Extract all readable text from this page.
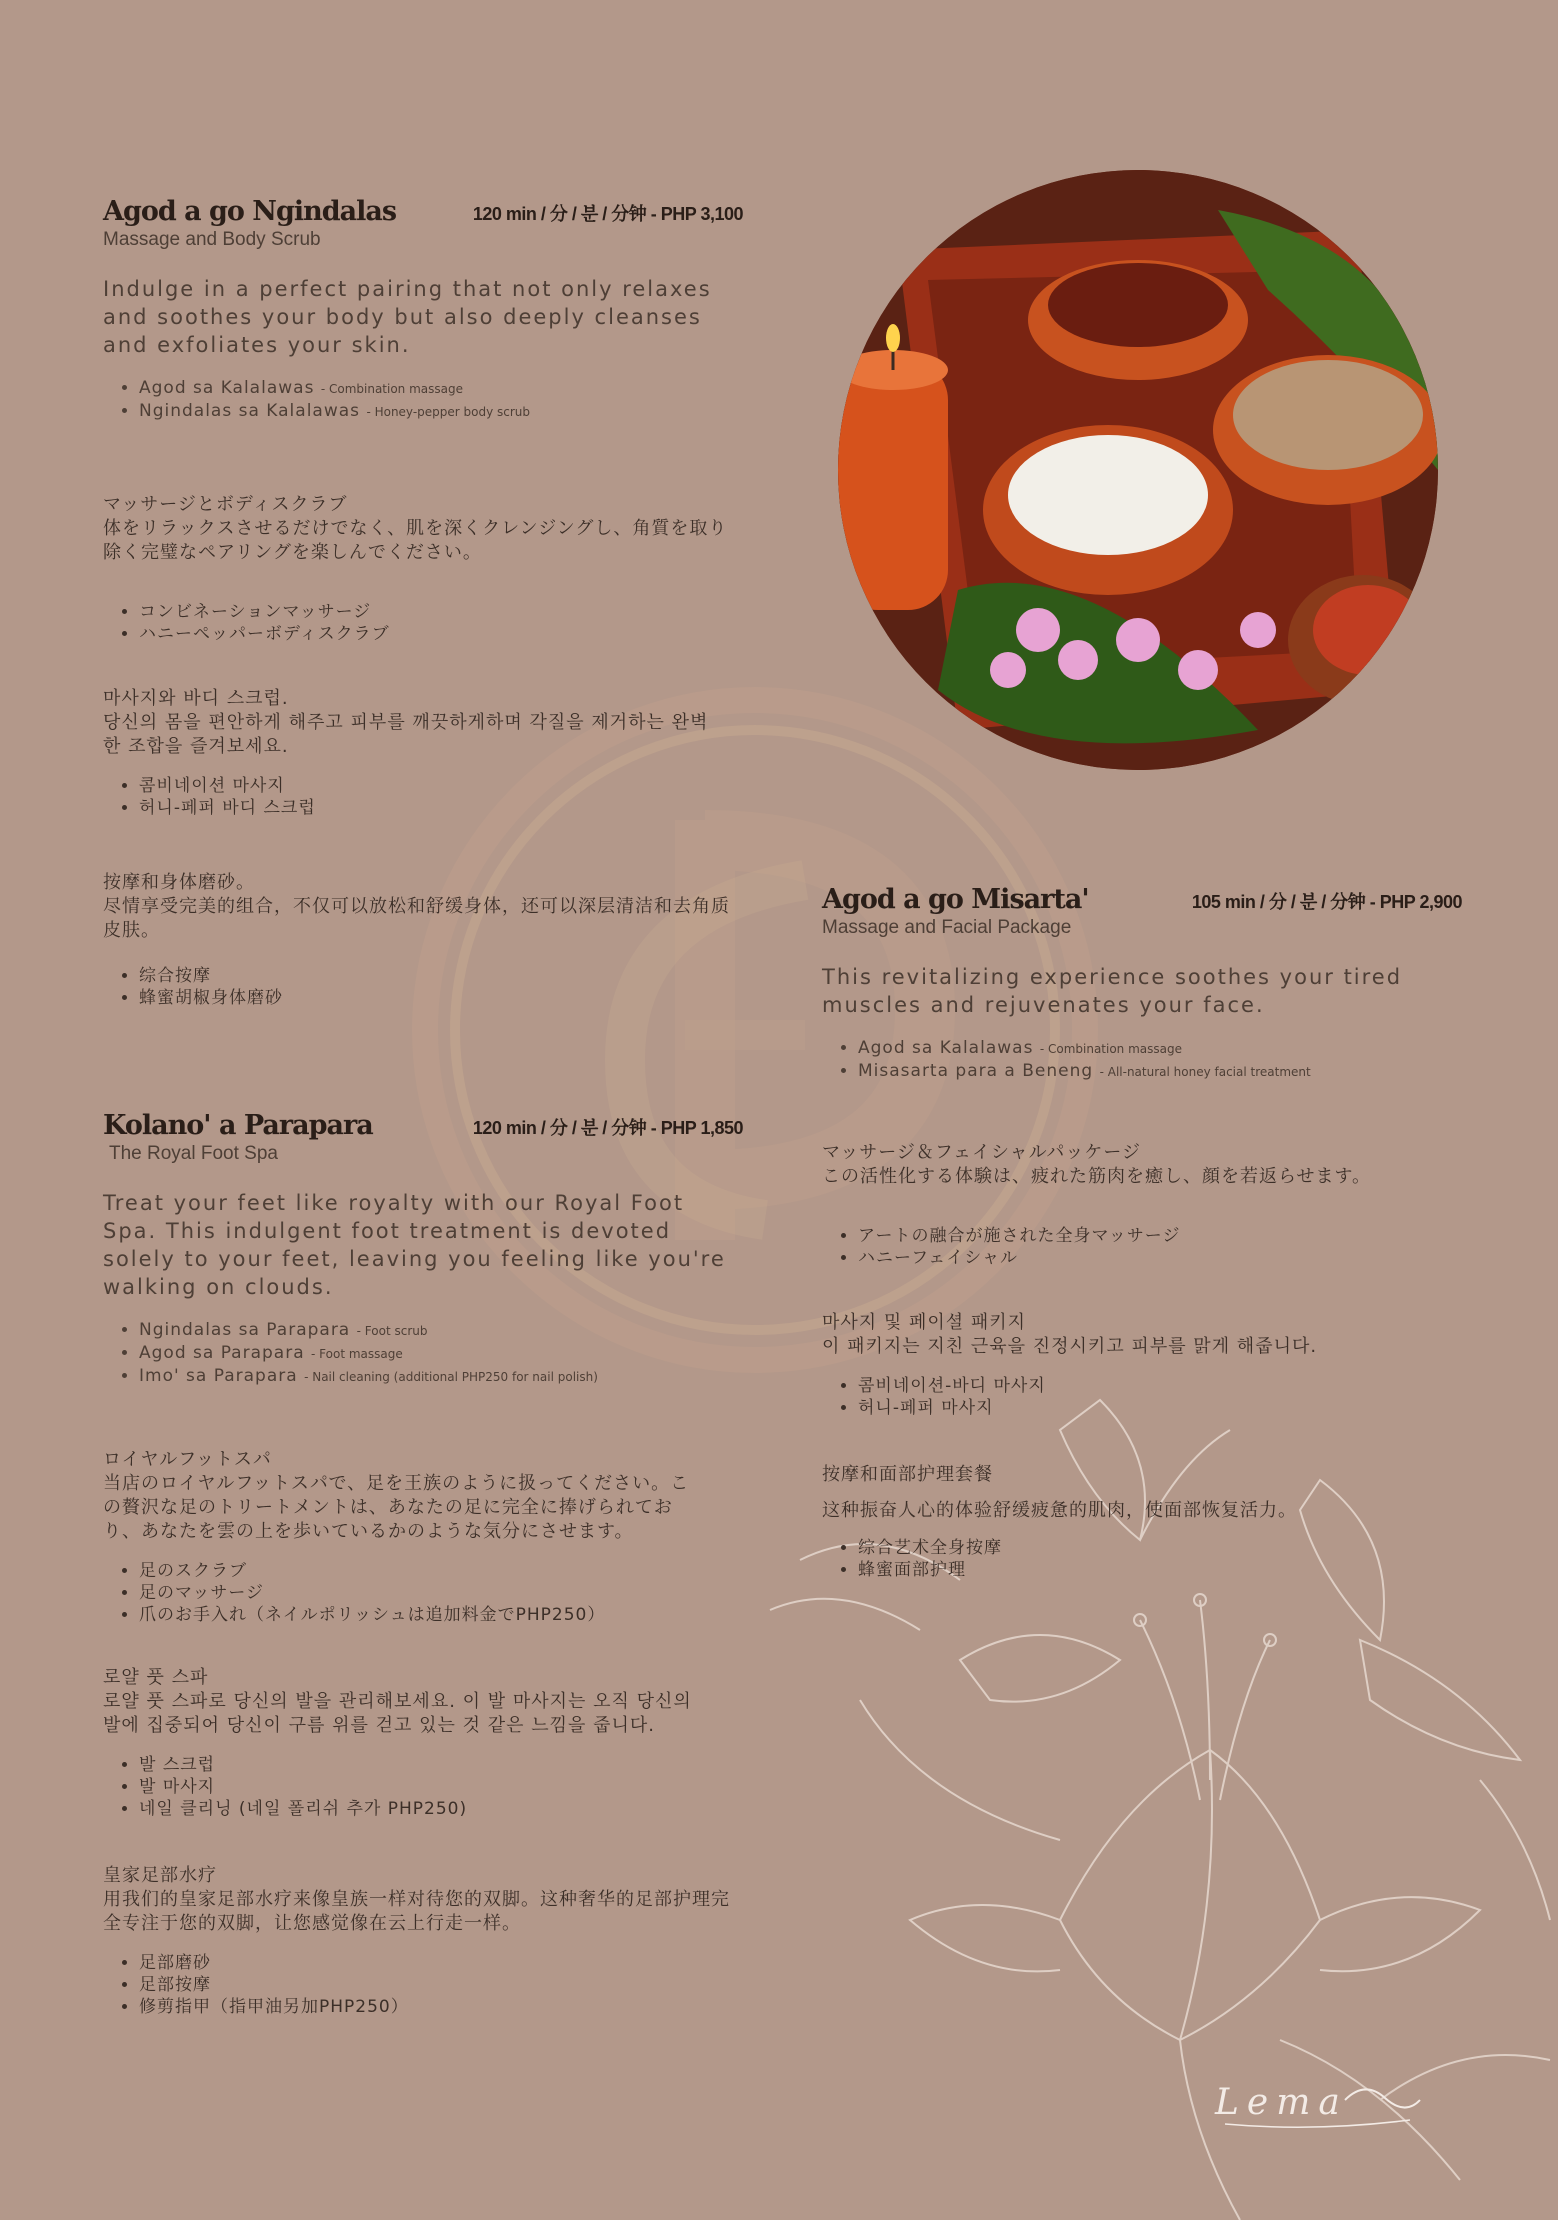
Agod a go Ngindalas	120 min / 分 / 분 / 分钟 - PHP 3,100
Massage and Body Scrub
Indulge in a perfect pairing that not only relaxes and soothes your body but also deeply cleanses and exfoliates your skin.
• Agod sa Kalalawas - Combination massage
• Ngindalas sa Kalalawas - Honey-pepper body scrub

マッサージとボディスクラブ

体をリラックスさせるだけでなく、肌を深くクレンジングし、角質を取り除く完璧なペアリングを楽しんでください。

• コンビネーションマッサージ
• ハニーペッパーボディスクラブ

마사지와 바디 스크럽.

당신의 몸을 편안하게 해주고 피부를 깨끗하게하며 각질을 제거하는 완벽한 조합을 즐겨보세요.

• 콤비네이션 마사지
• 허니-페퍼 바디 스크럽

按摩和身体磨砂。

尽情享受完美的组合，不仅可以放松和舒缓身体，还可以深层清洁和去角质皮肤。

• 综合按摩
• 蜂蜜胡椒身体磨砂
Kolano' a Parapara	120 min / 分 / 분 / 分钟 - PHP 1,850
The Royal Foot Spa
Treat your feet like royalty with our Royal Foot Spa. This indulgent foot treatment is devoted solely to your feet, leaving you feeling like you're walking on clouds.
• Ngindalas sa Parapara - Foot scrub
• Agod sa Parapara - Foot massage
• Imo' sa Parapara - Nail cleaning (additional PHP250 for nail polish)

ロイヤルフットスパ

当店のロイヤルフットスパで、足を王族のように扱ってください。この贅沢な足のトリートメントは、あなたの足に完全に捧げられており、あなたを雲の上を歩いているかのような気分にさせます。

• 足のスクラブ
• 足のマッサージ
• 爪のお手入れ（ネイルポリッシュは追加料金でPHP250）

로얄 풋 스파

로얄 풋 스파로 당신의 발을 관리해보세요. 이 발 마사지는 오직 당신의 발에 집중되어 당신이 구름 위를 걷고 있는 것 같은 느낌을 줍니다.

• 발 스크럽
• 발 마사지
• 네일 클리닝 (네일 폴리쉬 추가 PHP250)

皇家足部水疗

用我们的皇家足部水疗来像皇族一样对待您的双脚。这种奢华的足部护理完全专注于您的双脚，让您感觉像在云上行走一样。

• 足部磨砂
• 足部按摩
• 修剪指甲（指甲油另加PHP250）
Agod a go Misarta'	105 min / 分 / 분 / 分钟 - PHP 2,900
Massage and Facial Package
This revitalizing experience soothes your tired muscles and rejuvenates your face.
• Agod sa Kalalawas - Combination massage
• Misasarta para a Beneng - All-natural honey facial treatment

マッサージ＆フェイシャルパッケージ

この活性化する体験は、疲れた筋肉を癒し、顔を若返らせます。

• アートの融合が施された全身マッサージ
• ハニーフェイシャル

마사지 및 페이셜 패키지

이 패키지는 지친 근육을 진정시키고 피부를 맑게 해줍니다.

• 콤비네이션-바디 마사지
• 허니-페퍼 마사지

按摩和面部护理套餐

这种振奋人心的体验舒缓疲惫的肌肉，使面部恢复活力。

• 综合艺术全身按摩
• 蜂蜜面部护理
Lema
